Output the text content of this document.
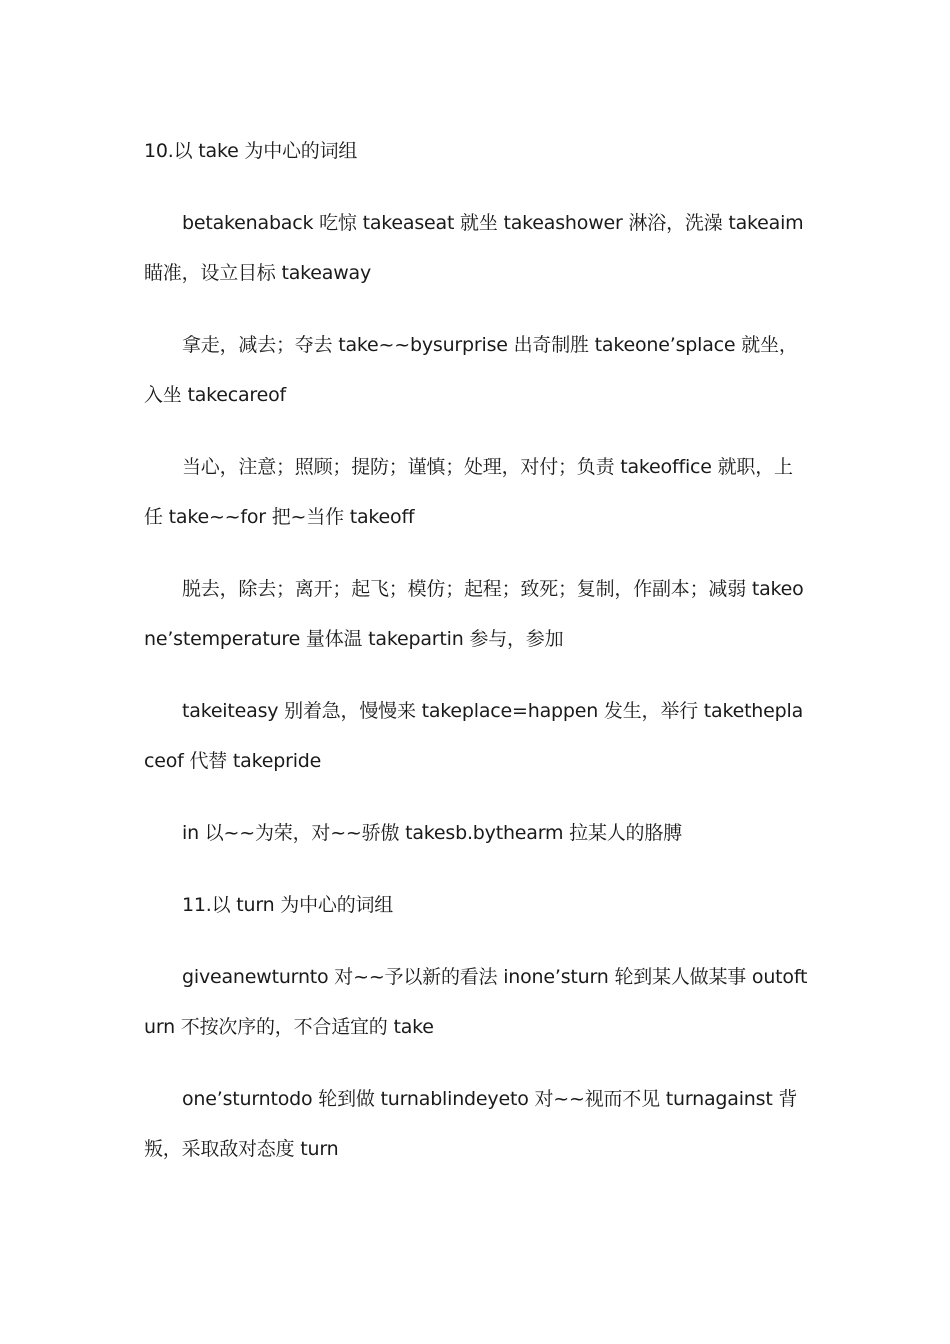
10.以 take 为中心的词组

betakenaback 吃惊 takeaseat 就坐 takeashower 淋浴，洗澡 takeaim 瞄准，设立目标 takeaway

拿走，减去；夺去 take~~bysurprise 出奇制胜 takeone’splace 就坐，入坐 takecareof

当心，注意；照顾；提防；谨慎；处理，对付；负责 takeoffice 就职，上任 take~~for 把~当作 takeoff

脱去，除去；离开；起飞；模仿；起程；致死；复制，作副本；减弱 takeone’stemperature 量体温 takepartin 参与，参加

takeiteasy 别着急，慢慢来 takeplace=happen 发生，举行 taketheplaceof 代替 takepride

in 以~~为荣，对~~骄傲 takesb.bythearm 拉某人的胳膊

11.以 turn 为中心的词组

giveanewturnto 对~~予以新的看法 inone’sturn 轮到某人做某事 outofturn 不按次序的，不合适宜的 take

one’sturntodo 轮到做 turnablindeyeto 对~~视而不见 turnagainst 背叛，采取敌对态度 turn
